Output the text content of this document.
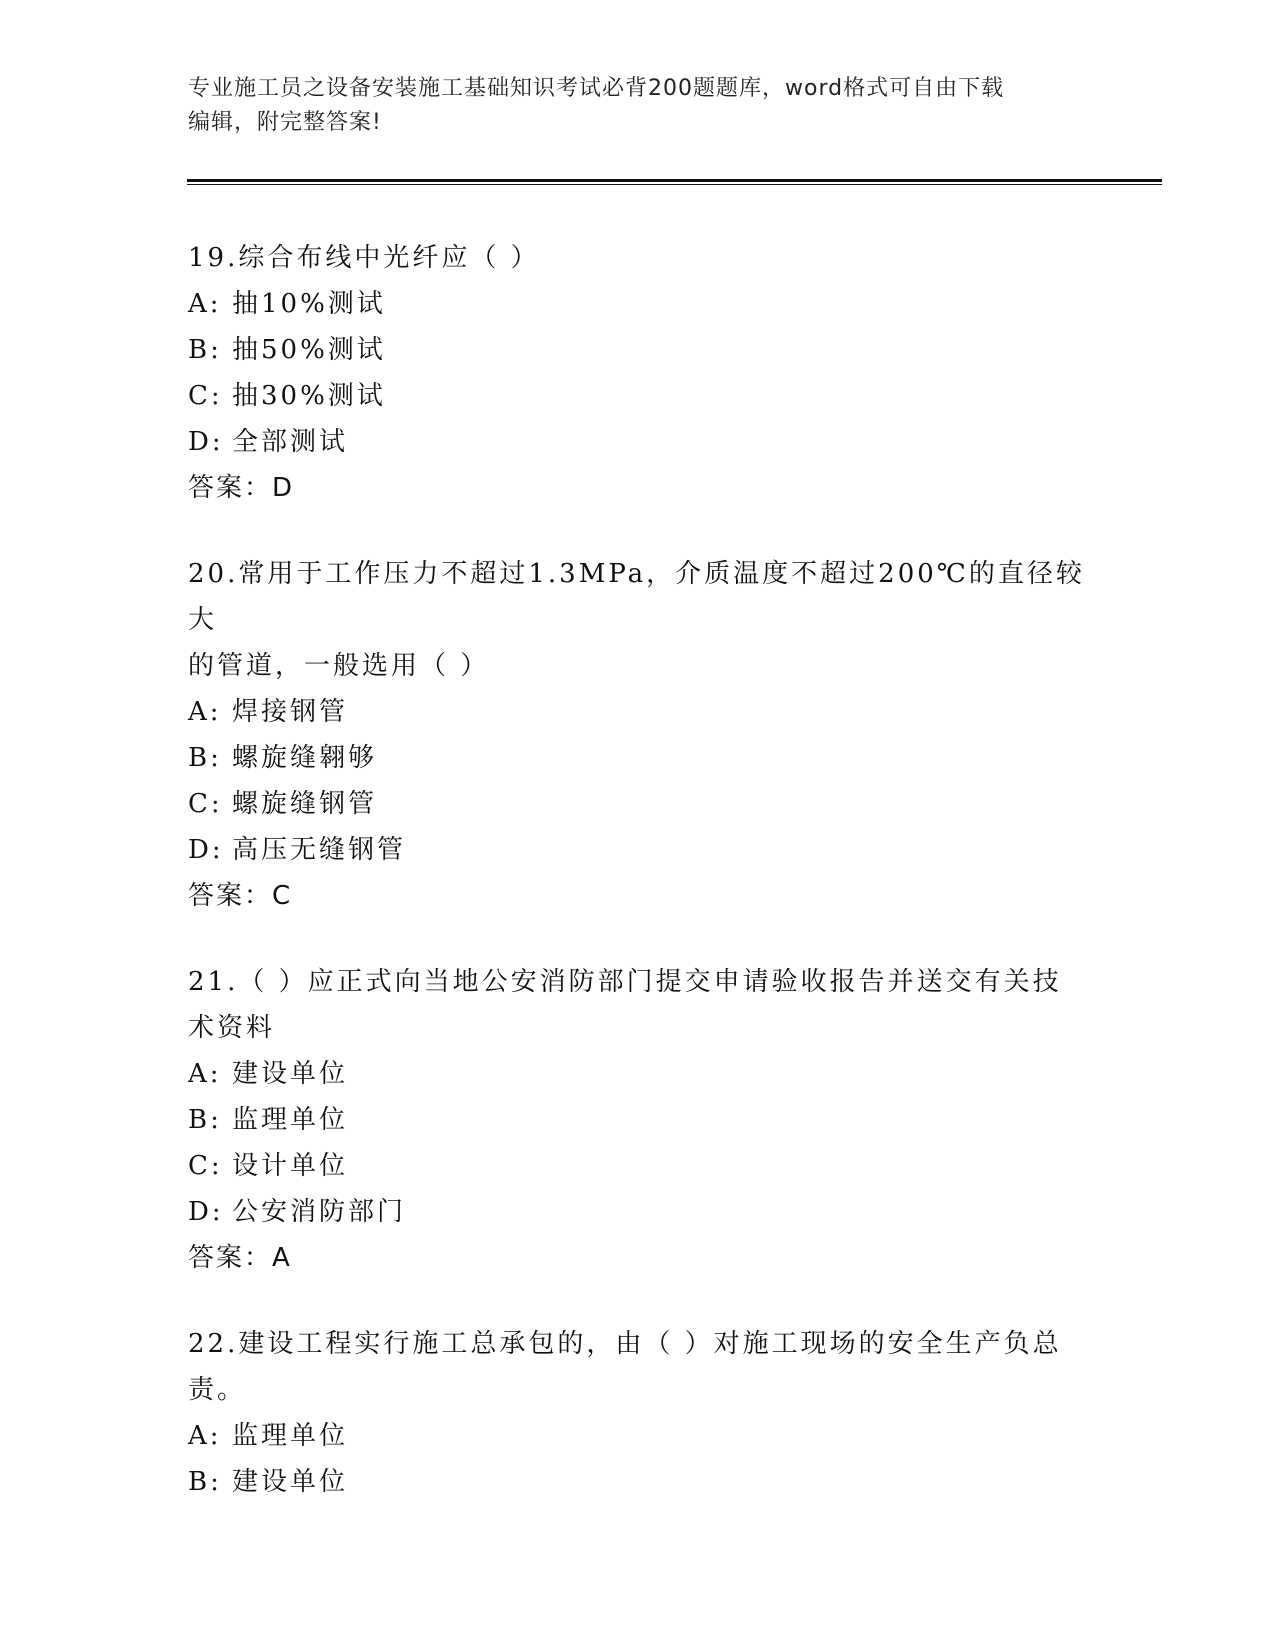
专业施工员之设备安装施工基础知识考试必背200题题库，word格式可自由下载
编辑，附完整答案!
19.综合布线中光纤应（ ）
A: 抽10%测试
B: 抽50%测试
C: 抽30%测试
D: 全部测试
答案：D
20.常用于工作压力不超过1.3MPa，介质温度不超过200℃的直径较大
的管道，一般选用（ ）
A: 焊接钢管
B: 螺旋缝翱够
C: 螺旋缝钢管
D: 高压无缝钢管
答案：C
21.（ ）应正式向当地公安消防部门提交申请验收报告并送交有关技
术资料
A: 建设单位
B: 监理单位
C: 设计单位
D: 公安消防部门
答案：A
22.建设工程实行施工总承包的，由（ ）对施工现场的安全生产负总
责。
A: 监理单位
B: 建设单位
